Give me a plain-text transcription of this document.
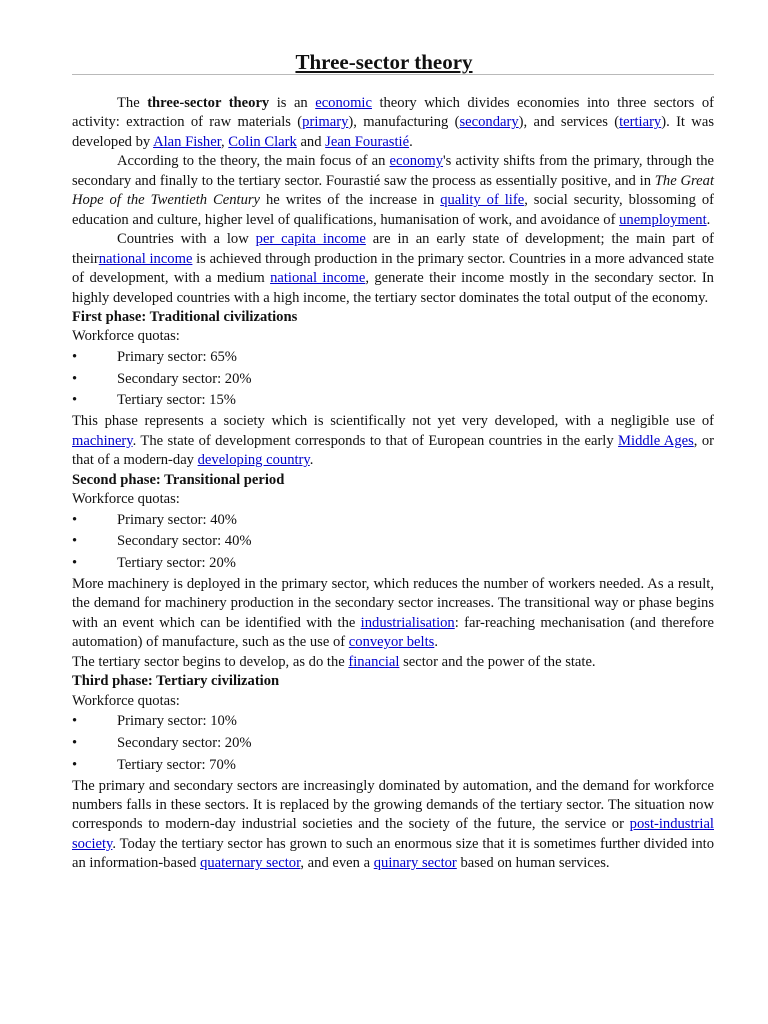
Three-sector theory

The three-sector theory is an economic theory which divides economies into three sectors of activity: extraction of raw materials (primary), manufacturing (secondary), and services (tertiary). It was developed by Alan Fisher, Colin Clark and Jean Fourastié.

According to the theory, the main focus of an economy's activity shifts from the primary, through the secondary and finally to the tertiary sector. Fourastié saw the process as essentially positive, and in The Great Hope of the Twentieth Century he writes of the increase in quality of life, social security, blossoming of education and culture, higher level of qualifications, humanisation of work, and avoidance of unemployment.

Countries with a low per capita income are in an early state of development; the main part of theirnational income is achieved through production in the primary sector. Countries in a more advanced state of development, with a medium national income, generate their income mostly in the secondary sector. In highly developed countries with a high income, the tertiary sector dominates the total output of the economy.

First phase: Traditional civilizations

Workforce quotas:

•	Primary sector: 65%
•	Secondary sector: 20%
•	Tertiary sector: 15%

This phase represents a society which is scientifically not yet very developed, with a negligible use of machinery. The state of development corresponds to that of European countries in the early Middle Ages, or that of a modern-day developing country.

Second phase: Transitional period

Workforce quotas:

•	Primary sector: 40%
•	Secondary sector: 40%
•	Tertiary sector: 20%

More machinery is deployed in the primary sector, which reduces the number of workers needed. As a result, the demand for machinery production in the secondary sector increases. The transitional way or phase begins with an event which can be identified with the industrialisation: far-reaching mechanisation (and therefore automation) of manufacture, such as the use of conveyor belts.

The tertiary sector begins to develop, as do the financial sector and the power of the state.

Third phase: Tertiary civilization

Workforce quotas:

•	Primary sector: 10%
•	Secondary sector: 20%
•	Tertiary sector: 70%

The primary and secondary sectors are increasingly dominated by automation, and the demand for workforce numbers falls in these sectors. It is replaced by the growing demands of the tertiary sector. The situation now corresponds to modern-day industrial societies and the society of the future, the service or post-industrial society. Today the tertiary sector has grown to such an enormous size that it is sometimes further divided into an information-based quaternary sector, and even a quinary sector based on human services.
